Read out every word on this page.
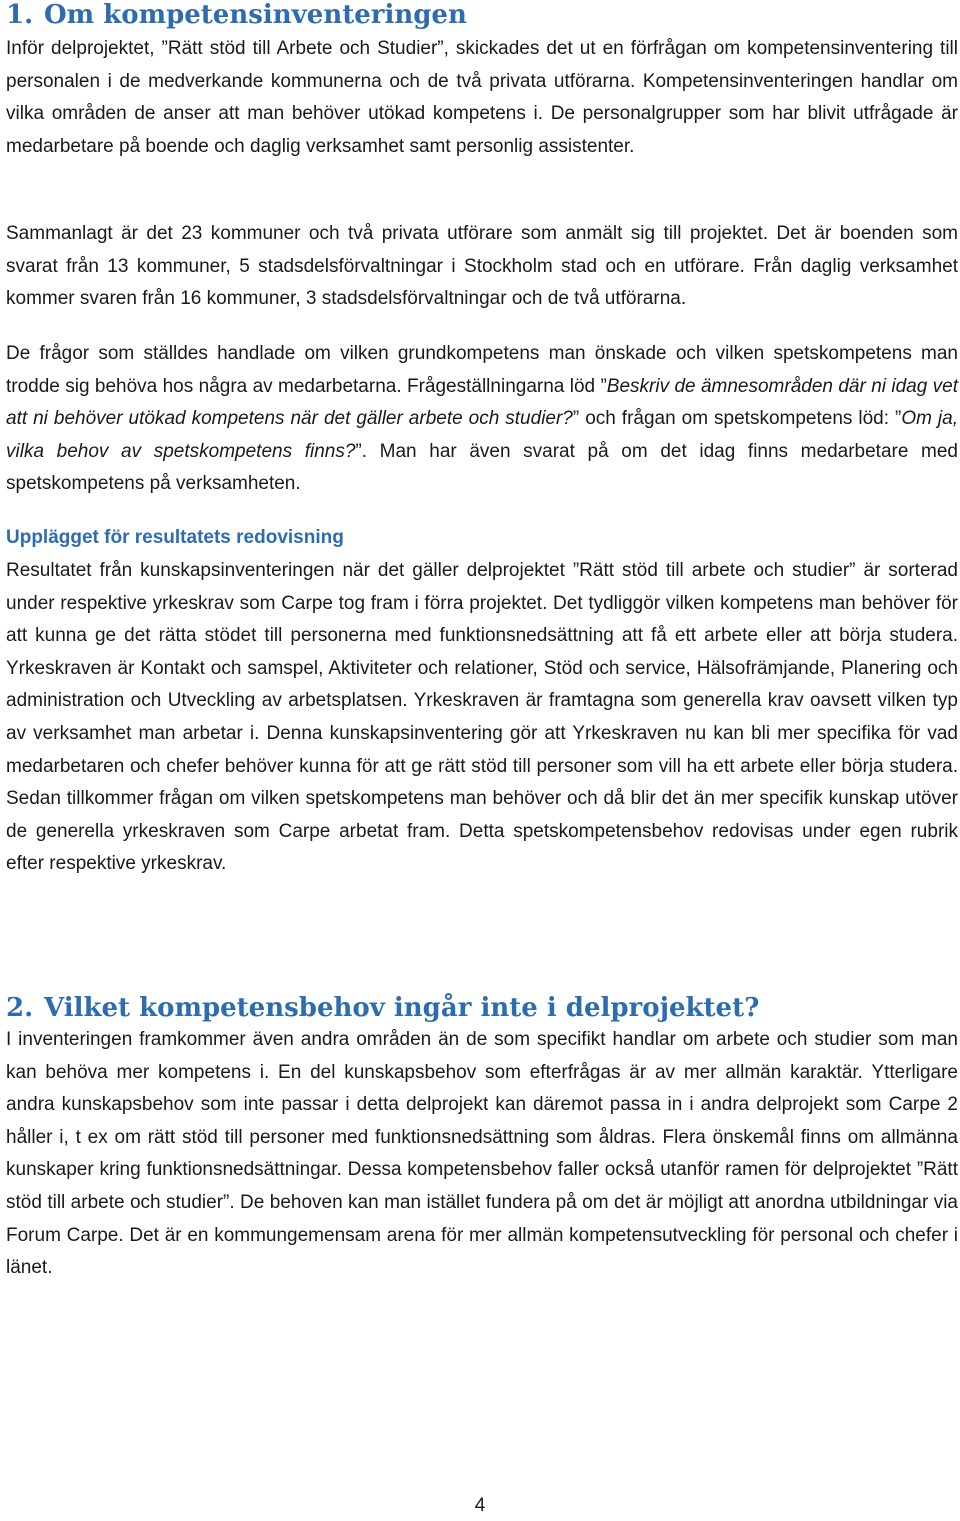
1. Om kompetensinventeringen

Inför delprojektet, ”Rätt stöd till Arbete och Studier”, skickades det ut en förfrågan om kompetensinventering till personalen i de medverkande kommunerna och de två privata utförarna. Kompetensinventeringen handlar om vilka områden de anser att man behöver utökad kompetens i. De personalgrupper som har blivit utfrågade är medarbetare på boende och daglig verksamhet samt personlig assistenter.

Sammanlagt är det 23 kommuner och två privata utförare som anmält sig till projektet. Det är boenden som svarat från 13 kommuner, 5 stadsdelsförvaltningar i Stockholm stad och en utförare. Från daglig verksamhet kommer svaren från 16 kommuner, 3 stadsdelsförvaltningar och de två utförarna.

De frågor som ställdes handlade om vilken grundkompetens man önskade och vilken spetskompetens man trodde sig behöva hos några av medarbetarna. Frågeställningarna löd ”Beskriv de ämnesområden där ni idag vet att ni behöver utökad kompetens när det gäller arbete och studier?” och frågan om spetskompetens löd: ”Om ja, vilka behov av spetskompetens finns?”. Man har även svarat på om det idag finns medarbetare med spetskompetens på verksamheten.

Upplägget för resultatets redovisning

Resultatet från kunskapsinventeringen när det gäller delprojektet ”Rätt stöd till arbete och studier” är sorterad under respektive yrkeskrav som Carpe tog fram i förra projektet. Det tydliggör vilken kompetens man behöver för att kunna ge det rätta stödet till personerna med funktionsnedsättning att få ett arbete eller att börja studera. Yrkeskraven är Kontakt och samspel, Aktiviteter och relationer, Stöd och service, Hälsofrämjande, Planering och administration och Utveckling av arbetsplatsen. Yrkeskraven är framtagna som generella krav oavsett vilken typ av verksamhet man arbetar i. Denna kunskapsinventering gör att Yrkeskraven nu kan bli mer specifika för vad medarbetaren och chefer behöver kunna för att ge rätt stöd till personer som vill ha ett arbete eller börja studera. Sedan tillkommer frågan om vilken spetskompetens man behöver och då blir det än mer specifik kunskap utöver de generella yrkeskraven som Carpe arbetat fram. Detta spetskompetensbehov redovisas under egen rubrik efter respektive yrkeskrav.

2. Vilket kompetensbehov ingår inte i delprojektet?

I inventeringen framkommer även andra områden än de som specifikt handlar om arbete och studier som man kan behöva mer kompetens i. En del kunskapsbehov som efterfrågas är av mer allmän karaktär. Ytterligare andra kunskapsbehov som inte passar i detta delprojekt kan däremot passa in i andra delprojekt som Carpe 2 håller i, t ex om rätt stöd till personer med funktionsnedsättning som åldras. Flera önskemål finns om allmänna kunskaper kring funktionsnedsättningar. Dessa kompetensbehov faller också utanför ramen för delprojektet ”Rätt stöd till arbete och studier”. De behoven kan man istället fundera på om det är möjligt att anordna utbildningar via Forum Carpe. Det är en kommungemensam arena för mer allmän kompetensutveckling för personal och chefer i länet.

4
